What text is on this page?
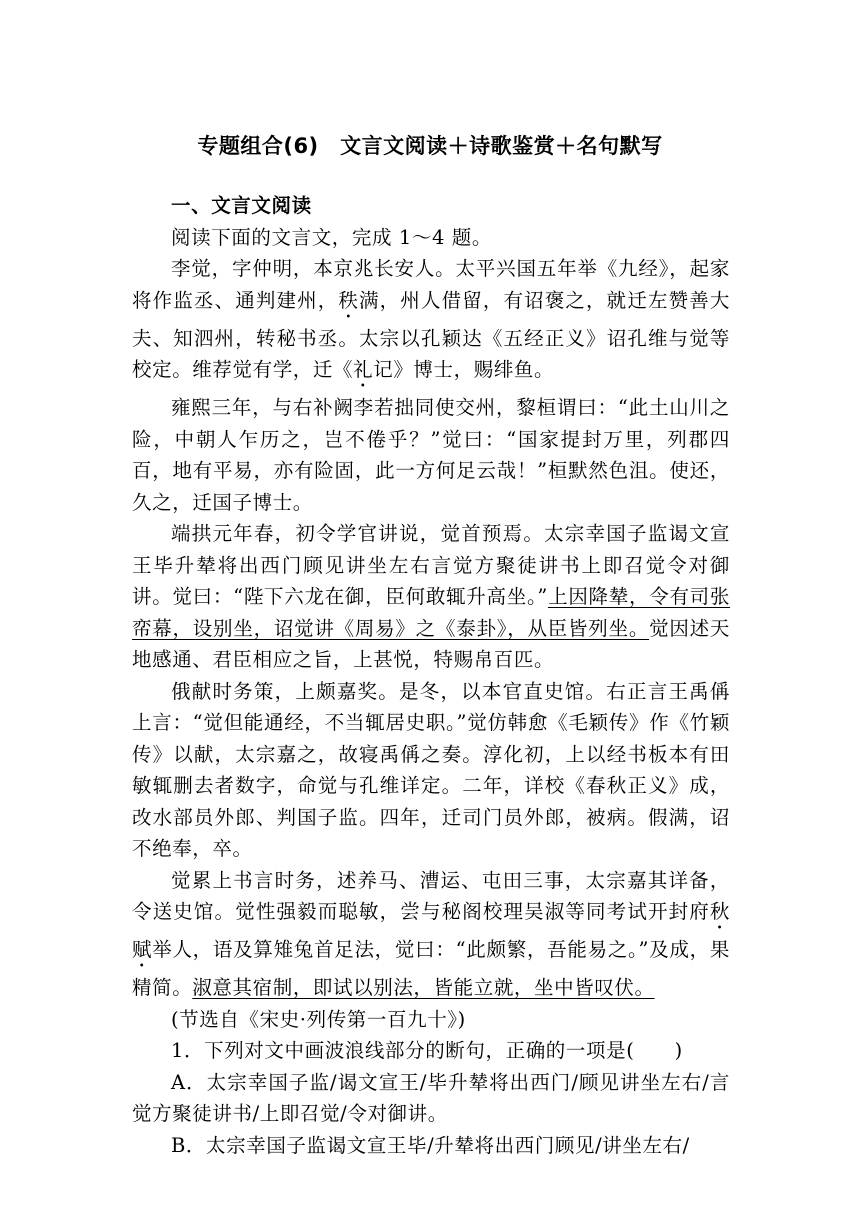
专题组合(6)　文言文阅读＋诗歌鉴赏＋名句默写

一、文言文阅读

阅读下面的文言文，完成 1～4 题。

李觉，字仲明，本京兆长安人。太平兴国五年举《九经》，起家将作监丞、通判建州，秩满，州人借留，有诏褒之，就迁左赞善大夫、知泗州，转秘书丞。太宗以孔颖达《五经正义》诏孔维与觉等校定。维荐觉有学，迁《礼记》博士，赐绯鱼。

雍熙三年，与右补阙李若拙同使交州，黎桓谓曰：“此土山川之险，中朝人乍历之，岂不倦乎？”觉曰：“国家提封万里，列郡四百，地有平易，亦有险固，此一方何足云哉！”桓默然色沮。使还，久之，迁国子博士。

端拱元年春，初令学官讲说，觉首预焉。太宗幸国子监谒文宣王毕升辇将出西门顾见讲坐左右言觉方聚徒讲书上即召觉令对御讲。觉曰：“陛下六龙在御，臣何敢辄升高坐。”上因降辇，令有司张帟幕，设别坐，诏觉讲《周易》之《泰卦》，从臣皆列坐。觉因述天地感通、君臣相应之旨，上甚悦，特赐帛百匹。

俄献时务策，上颇嘉奖。是冬，以本官直史馆。右正言王禹偁上言：“觉但能通经，不当辄居史职。”觉仿韩愈《毛颖传》作《竹颖传》以献，太宗嘉之，故寝禹偁之奏。淳化初，上以经书板本有田敏辄删去者数字，命觉与孔维详定。二年，详校《春秋正义》成，改水部员外郎、判国子监。四年，迁司门员外郎，被病。假满，诏不绝奉，卒。

觉累上书言时务，述养马、漕运、屯田三事，太宗嘉其详备，令送史馆。觉性强毅而聪敏，尝与秘阁校理吴淑等同考试开封府秋赋举人，语及算雉兔首足法，觉曰：“此颇繁，吾能易之。”及成，果精简。淑意其宿制，即试以别法，皆能立就，坐中皆叹伏。

(节选自《宋史·列传第一百九十》)

1．下列对文中画波浪线部分的断句，正确的一项是(　　)

A．太宗幸国子监/谒文宣王/毕升辇将出西门/顾见讲坐左右/言觉方聚徒讲书/上即召觉/令对御讲。

B．太宗幸国子监谒文宣王毕/升辇将出西门顾见/讲坐左右/
